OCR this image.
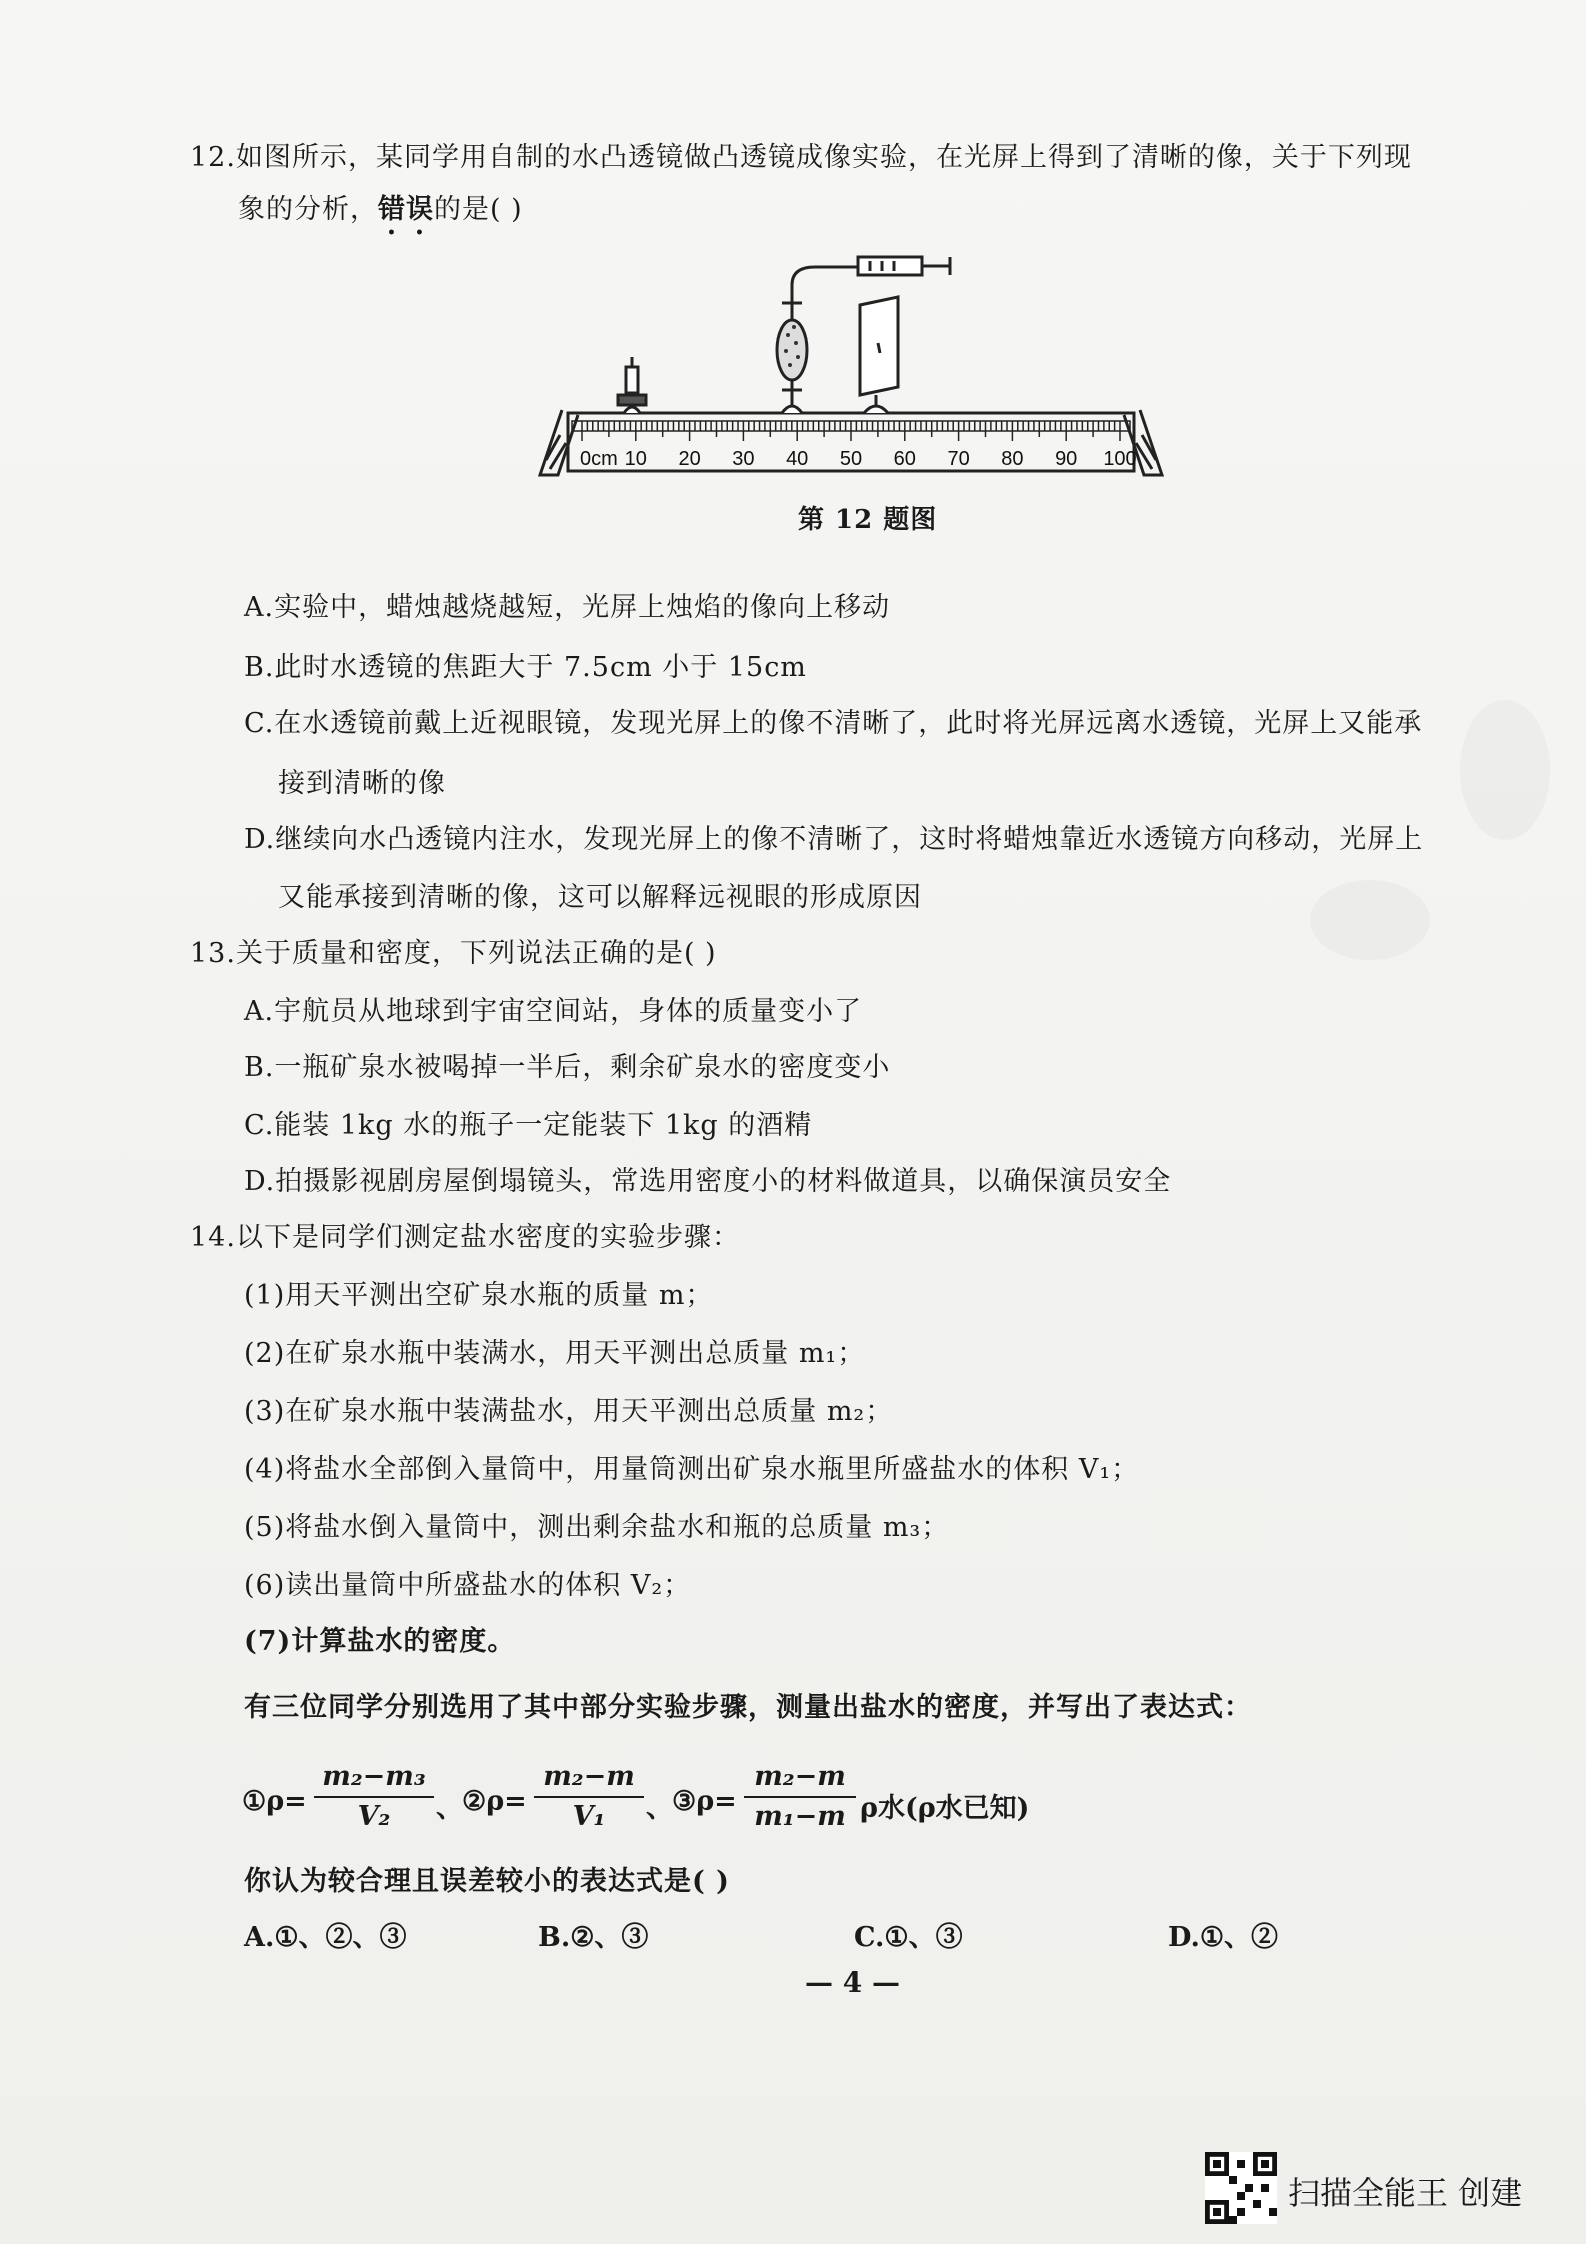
12.如图所示，某同学用自制的水凸透镜做凸透镜成像实验，在光屏上得到了清晰的像，关于下列现
象的分析，错误的是( )
0cm 10 20 30 40 50 60 70 80 90 100
第 12 题图
A.实验中，蜡烛越烧越短，光屏上烛焰的像向上移动
B.此时水透镜的焦距大于 7.5cm 小于 15cm
C.在水透镜前戴上近视眼镜，发现光屏上的像不清晰了，此时将光屏远离水透镜，光屏上又能承
接到清晰的像
D.继续向水凸透镜内注水，发现光屏上的像不清晰了，这时将蜡烛靠近水透镜方向移动，光屏上
又能承接到清晰的像，这可以解释远视眼的形成原因
13.关于质量和密度，下列说法正确的是( )
A.宇航员从地球到宇宙空间站，身体的质量变小了
B.一瓶矿泉水被喝掉一半后，剩余矿泉水的密度变小
C.能装 1kg 水的瓶子一定能装下 1kg 的酒精
D.拍摄影视剧房屋倒塌镜头，常选用密度小的材料做道具，以确保演员安全
14.以下是同学们测定盐水密度的实验步骤：
(1)用天平测出空矿泉水瓶的质量 m；
(2)在矿泉水瓶中装满水，用天平测出总质量 m₁；
(3)在矿泉水瓶中装满盐水，用天平测出总质量 m₂；
(4)将盐水全部倒入量筒中，用量筒测出矿泉水瓶里所盛盐水的体积 V₁；
(5)将盐水倒入量筒中，测出剩余盐水和瓶的总质量 m₃；
(6)读出量筒中所盛盐水的体积 V₂；
(7)计算盐水的密度。
有三位同学分别选用了其中部分实验步骤，测量出盐水的密度，并写出了表达式：
①ρ=
m₂−m₃
V₂	、 ②ρ=
m₂−m
V₁	、 ③ρ=
m₂−m
m₁−m ρ水(ρ水已知)
你认为较合理且误差较小的表达式是( )
A.①、②、③	B.②、③	C.①、③	D.①、②
— 4 —
扫描全能王 创建
